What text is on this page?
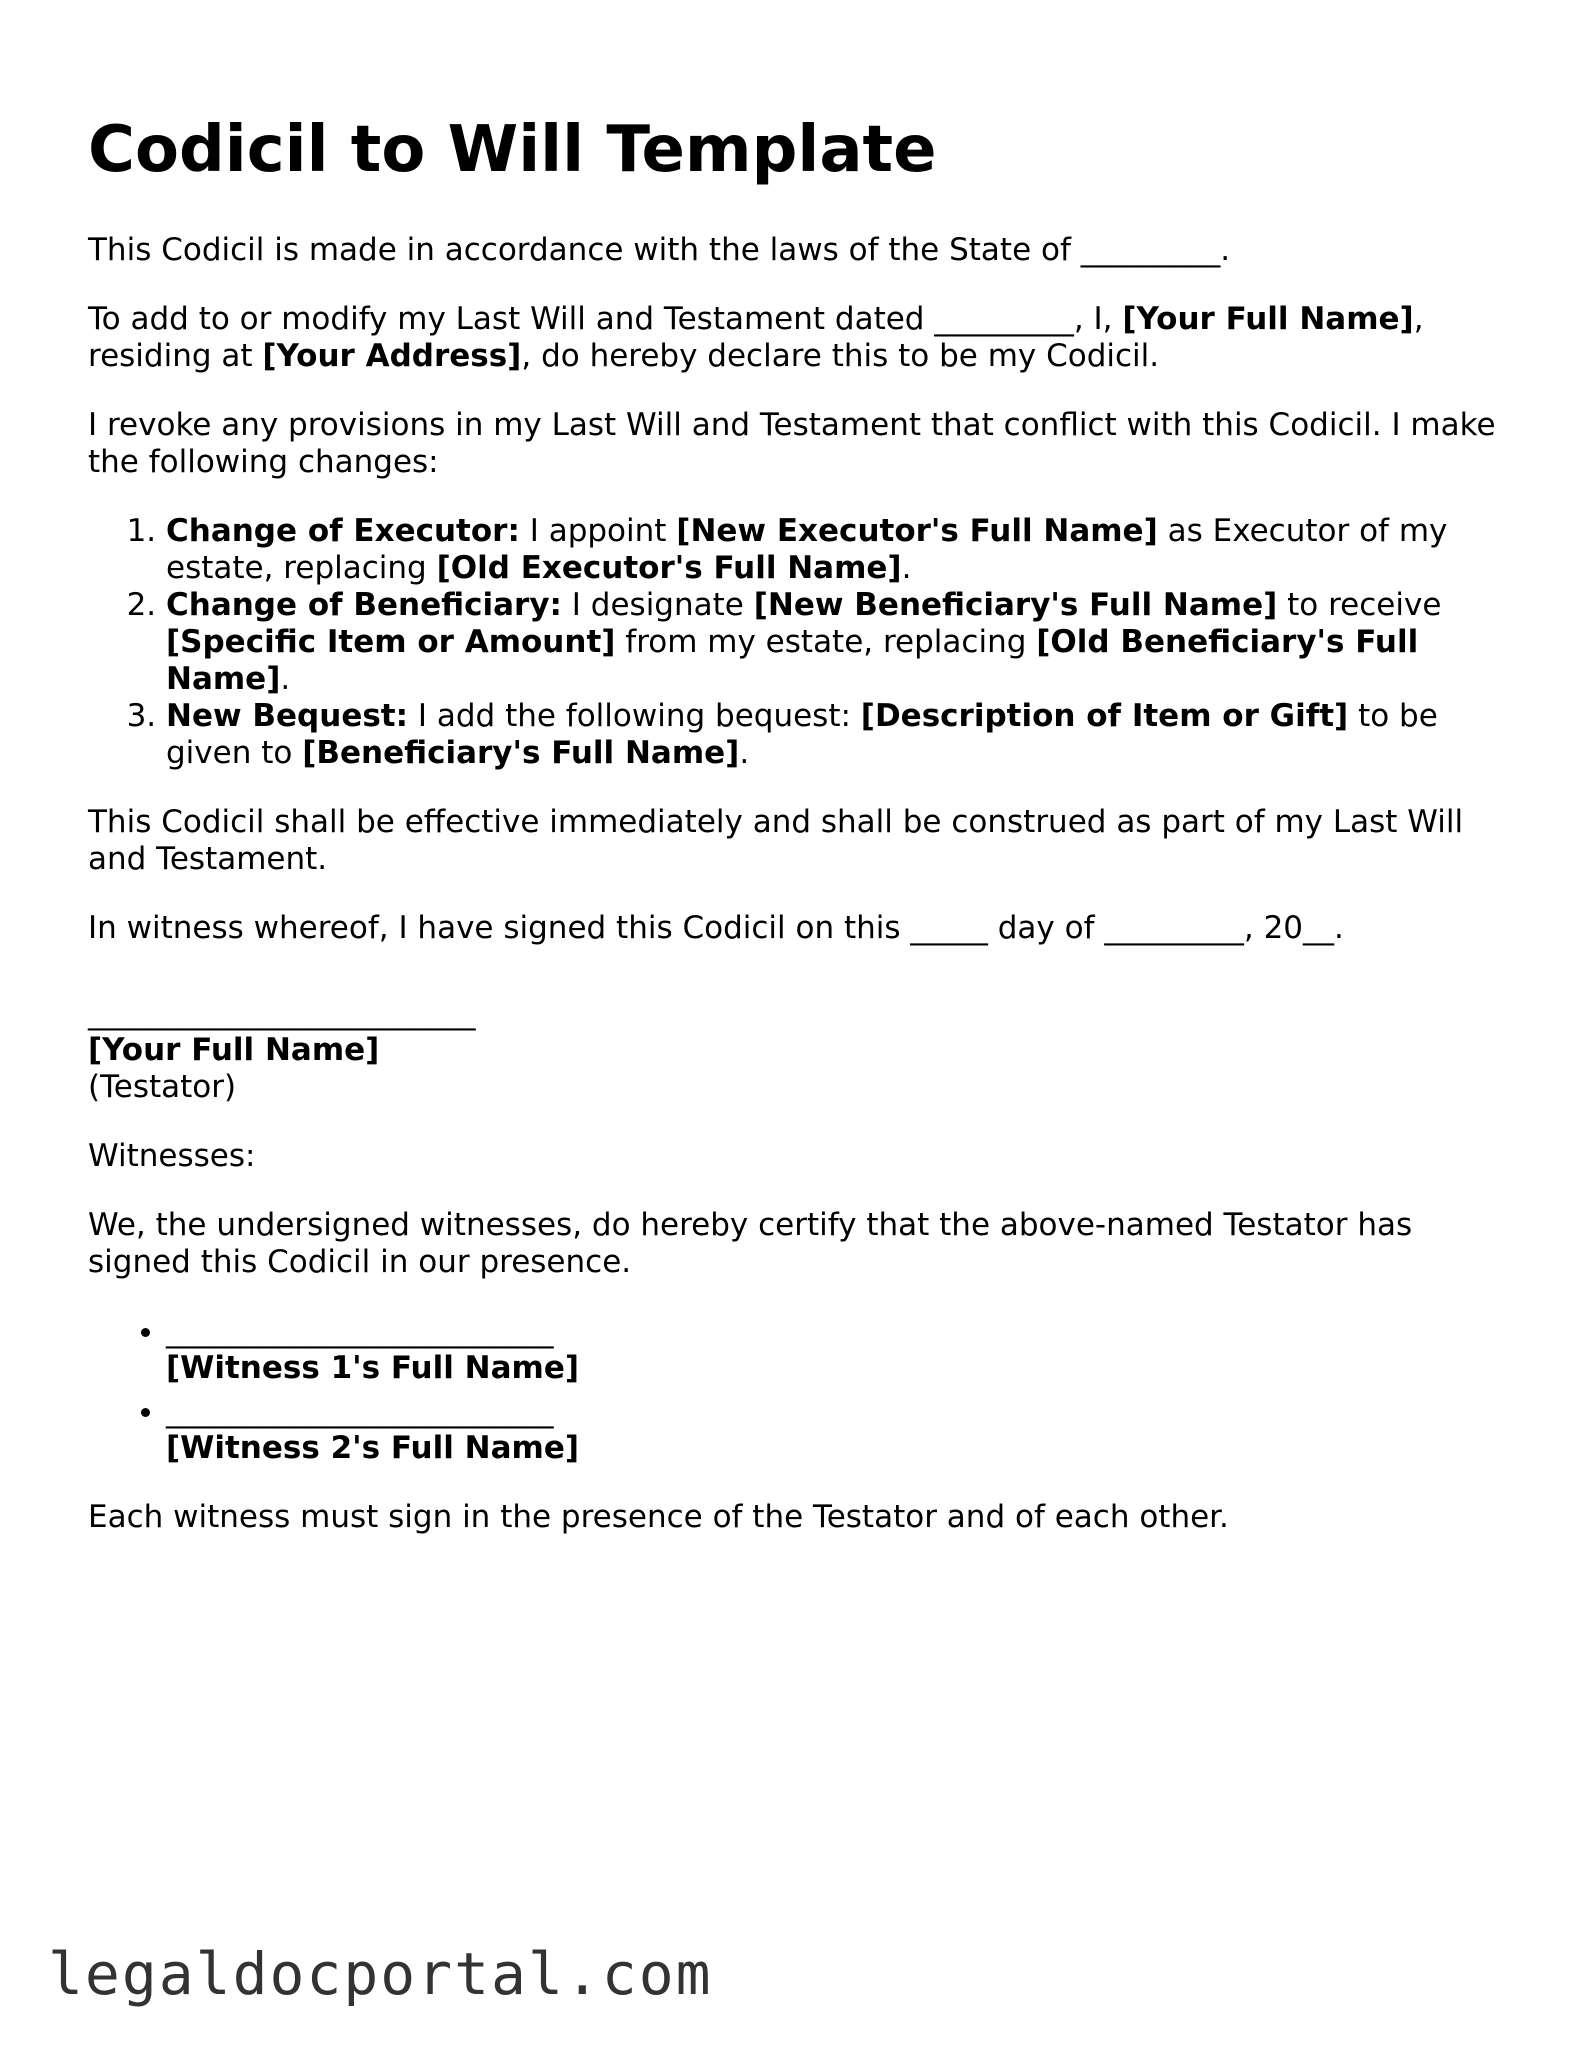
Codicil to Will Template

This Codicil is made in accordance with the laws of the State of _________.

To add to or modify my Last Will and Testament dated _________, I, [Your Full Name], residing at [Your Address], do hereby declare this to be my Codicil.

I revoke any provisions in my Last Will and Testament that conflict with this Codicil. I make the following changes:

1. Change of Executor: I appoint [New Executor's Full Name] as Executor of my estate, replacing [Old Executor's Full Name].
2. Change of Beneficiary: I designate [New Beneficiary's Full Name] to receive [Specific Item or Amount] from my estate, replacing [Old Beneficiary's Full Name].
3. New Bequest: I add the following bequest: [Description of Item or Gift] to be given to [Beneficiary's Full Name].

This Codicil shall be effective immediately and shall be construed as part of my Last Will and Testament.

In witness whereof, I have signed this Codicil on this _____ day of _________, 20__.

_________________________
[Your Full Name]
(Testator)

Witnesses:

We, the undersigned witnesses, do hereby certify that the above-named Testator has signed this Codicil in our presence.

• _________________________
[Witness 1's Full Name]
• _________________________
[Witness 2's Full Name]

Each witness must sign in the presence of the Testator and of each other.

legaldocportal.com
